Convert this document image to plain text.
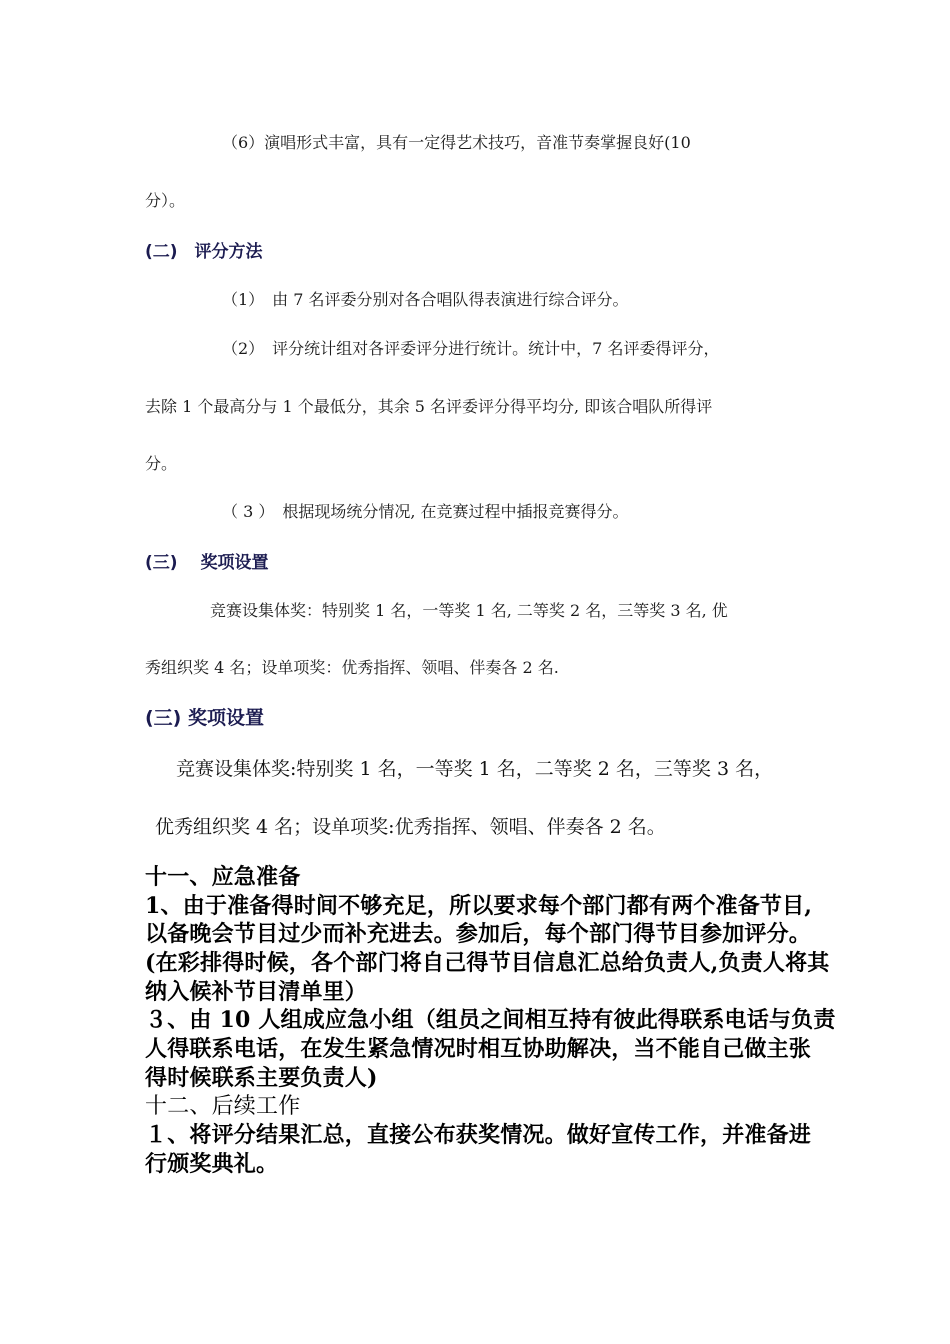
（6）演唱形式丰富，具有一定得艺术技巧，音准节奏掌握良好(10
分）。
(二)　评分方法
（1）　由 7 名评委分别对各合唱队得表演进行综合评分。
（2）　评分统计组对各评委评分进行统计。统计中，7 名评委得评分，
去除 1 个最高分与 1 个最低分，其余 5 名评委评分得平均分, 即该合唱队所得评
分。
（ 3 ）　根据现场统分情况, 在竞赛过程中插报竞赛得分。
(三)　 奖项设置
竞赛设集体奖：特别奖 1 名，一等奖 1 名, 二等奖 2 名，三等奖 3 名, 优
秀组织奖 4 名；设单项奖：优秀指挥、领唱、伴奏各 2 名.
(三) 奖项设置
竞赛设集体奖:特别奖 1 名，一等奖 1 名，二等奖 2 名，三等奖 3 名，
优秀组织奖 4 名；设单项奖:优秀指挥、领唱、伴奏各 2 名。
十一、应急准备
1、由于准备得时间不够充足，所以要求每个部门都有两个准备节目,
以备晚会节目过少而补充进去。参加后，每个部门得节目参加评分。
(在彩排得时候，各个部门将自己得节目信息汇总给负责人,负责人将其
纳入候补节目清单里）
３、由 10 人组成应急小组（组员之间相互持有彼此得联系电话与负责
人得联系电话，在发生紧急情况时相互协助解决，当不能自己做主张
得时候联系主要负责人)
十二、后续工作
１、将评分结果汇总，直接公布获奖情况。做好宣传工作，并准备进
行颁奖典礼。
